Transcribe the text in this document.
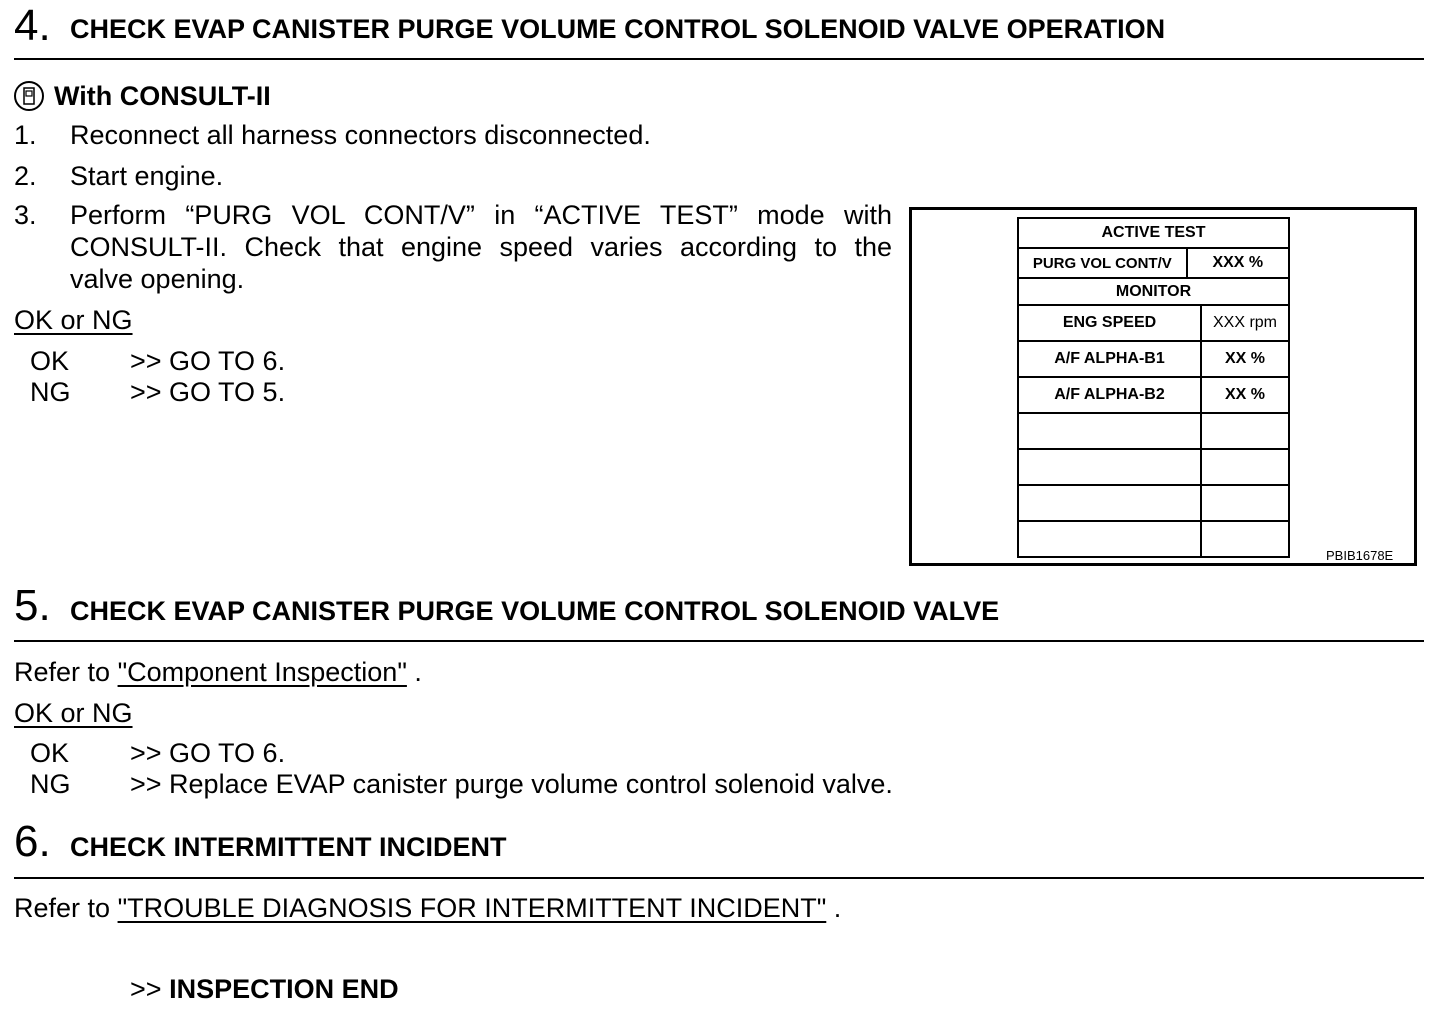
4. CHECK EVAP CANISTER PURGE VOLUME CONTROL SOLENOID VALVE OPERATION
With CONSULT-II
1. Reconnect all harness connectors disconnected.
2. Start engine.
3. Perform “PURG VOL CONT/V” in “ACTIVE TEST” mode with
CONSULT-II. Check that engine speed varies according to the
valve opening.
OK or NG
OK >> GO TO 6.
NG >> GO TO 5.
ACTIVE TEST
PURG VOL CONT/V	XXX %
MONITOR
ENG SPEED	XXX rpm
A/F ALPHA-B1	XX %
A/F ALPHA-B2	XX %

PBIB1678E
5. CHECK EVAP CANISTER PURGE VOLUME CONTROL SOLENOID VALVE
Refer to "Component Inspection" .
OK or NG
OK >> GO TO 6.
NG >> Replace EVAP canister purge volume control solenoid valve.
6. CHECK INTERMITTENT INCIDENT
Refer to "TROUBLE DIAGNOSIS FOR INTERMITTENT INCIDENT" .
>> INSPECTION END
